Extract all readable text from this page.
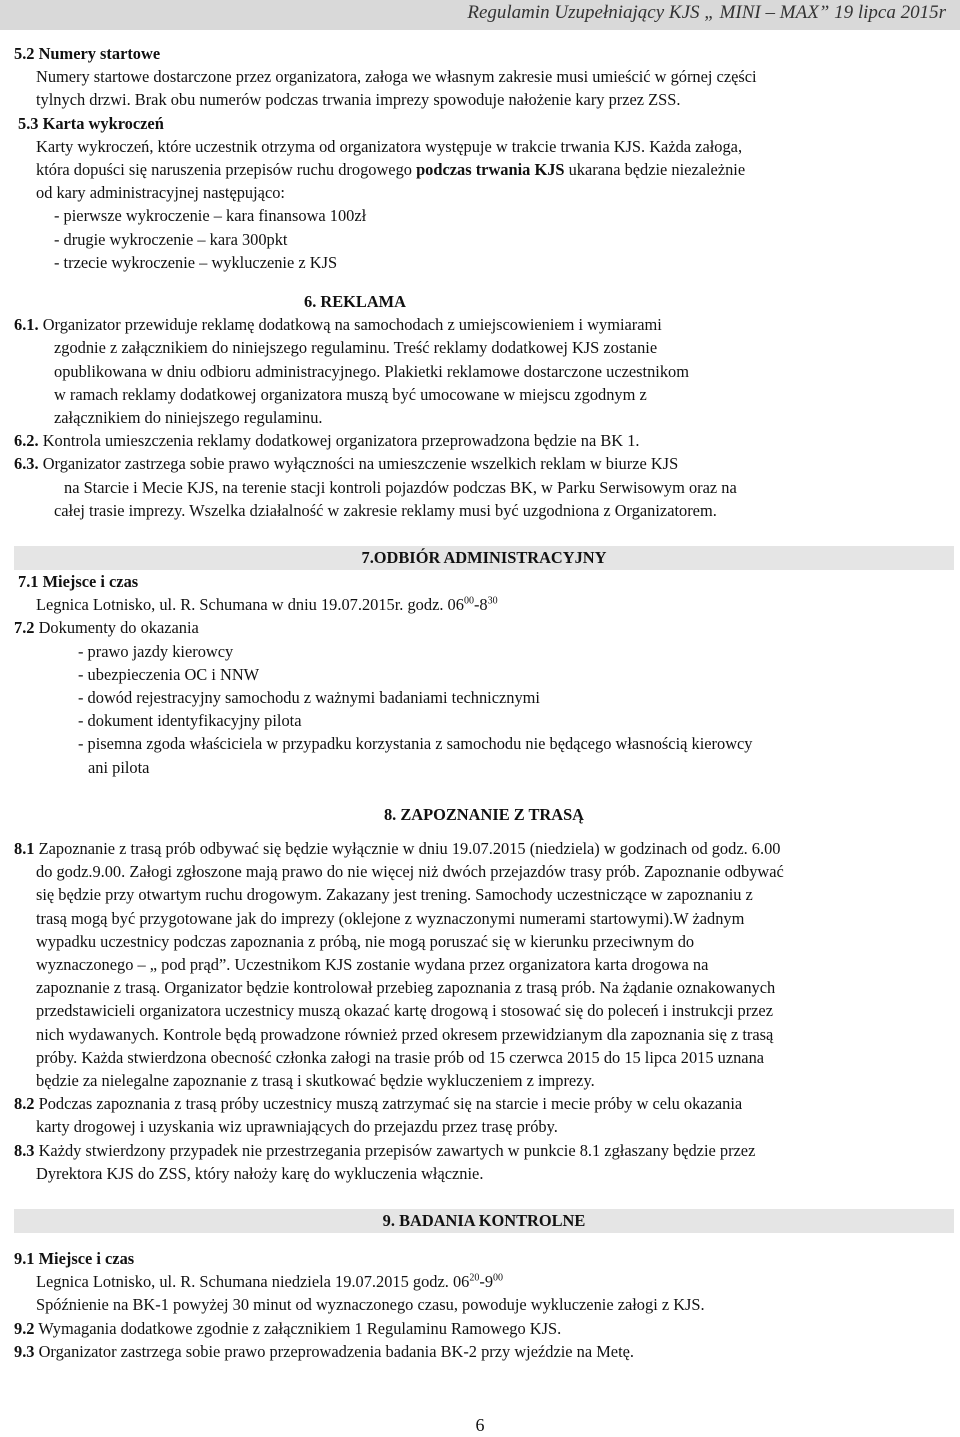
Regulamin Uzupełniający KJS „ MINI – MAX” 19 lipca 2015r

5.2 Numery startowe

Numery startowe dostarczone przez organizatora, załoga we własnym zakresie musi umieścić w górnej części

tylnych drzwi. Brak obu numerów podczas trwania imprezy spowoduje nałożenie kary przez ZSS.

5.3 Karta wykroczeń

Karty wykroczeń, które uczestnik otrzyma od organizatora występuje w trakcie trwania KJS. Każda załoga,

która dopuści się naruszenia przepisów ruchu drogowego podczas trwania KJS ukarana będzie niezależnie

od kary administracyjnej następująco:

- pierwsze wykroczenie – kara finansowa 100zł

- drugie wykroczenie – kara 300pkt

- trzecie wykroczenie – wykluczenie z KJS

6. REKLAMA

6.1. Organizator przewiduje reklamę dodatkową na samochodach z umiejscowieniem i wymiarami

zgodnie z załącznikiem do niniejszego regulaminu. Treść reklamy dodatkowej KJS zostanie

opublikowana w dniu odbioru administracyjnego. Plakietki reklamowe dostarczone uczestnikom

w ramach reklamy dodatkowej organizatora muszą być umocowane w miejscu zgodnym z

załącznikiem do niniejszego regulaminu.

6.2. Kontrola umieszczenia reklamy dodatkowej organizatora przeprowadzona będzie na BK 1.

6.3. Organizator zastrzega sobie prawo wyłączności na umieszczenie wszelkich reklam w biurze KJS

na Starcie i Mecie KJS, na terenie stacji kontroli pojazdów podczas BK, w Parku Serwisowym oraz na

całej trasie imprezy. Wszelka działalność w zakresie reklamy musi być uzgodniona z Organizatorem.

7.ODBIÓR ADMINISTRACYJNY

7.1 Miejsce i czas

Legnica Lotnisko, ul. R. Schumana w dniu 19.07.2015r. godz. $06^{00}-8^{30}$

7.2 Dokumenty do okazania

- prawo jazdy kierowcy

- ubezpieczenia OC i NNW

- dowód rejestracyjny samochodu z ważnymi badaniami technicznymi

- dokument identyfikacyjny pilota

- pisemna zgoda właściciela w przypadku korzystania z samochodu nie będącego własnością kierowcy

ani pilota

8. ZAPOZNANIE Z TRASĄ

8.1 Zapoznanie z trasą prób odbywać się będzie wyłącznie w dniu 19.07.2015 (niedziela) w godzinach od godz. 6.00

do godz.9.00. Załogi zgłoszone mają prawo do nie więcej niż dwóch przejazdów trasy prób. Zapoznanie odbywać

się będzie przy otwartym ruchu drogowym. Zakazany jest trening. Samochody uczestniczące w zapoznaniu z

trasą mogą być przygotowane jak do imprezy (oklejone z wyznaczonymi numerami startowymi).W żadnym

wypadku uczestnicy podczas zapoznania z próbą, nie mogą poruszać się w kierunku przeciwnym do

wyznaczonego – „ pod prąd”. Uczestnikom KJS zostanie wydana przez organizatora karta drogowa na

zapoznanie z trasą. Organizator będzie kontrolował przebieg zapoznania z trasą prób. Na żądanie oznakowanych

przedstawicieli organizatora uczestnicy muszą okazać kartę drogową i stosować się do poleceń i instrukcji przez

nich wydawanych. Kontrole będą prowadzone również przed okresem przewidzianym dla zapoznania się z trasą

próby. Każda stwierdzona obecność członka załogi na trasie prób od 15 czerwca 2015 do 15 lipca 2015 uznana

będzie za nielegalne zapoznanie z trasą i skutkować będzie wykluczeniem z imprezy.

8.2 Podczas zapoznania z trasą próby uczestnicy muszą zatrzymać się na starcie i mecie próby w celu okazania

karty drogowej i uzyskania wiz uprawniających do przejazdu przez trasę próby.

8.3 Każdy stwierdzony przypadek nie przestrzegania przepisów zawartych w punkcie 8.1 zgłaszany będzie przez

Dyrektora KJS do ZSS, który nałoży karę do wykluczenia włącznie.

9. BADANIA KONTROLNE

9.1 Miejsce i czas

Legnica Lotnisko, ul. R. Schumana niedziela 19.07.2015 godz. $06^{20}-9^{00}$

Spóźnienie na BK-1 powyżej 30 minut od wyznaczonego czasu, powoduje wykluczenie załogi z KJS.

9.2 Wymagania dodatkowe zgodnie z załącznikiem 1 Regulaminu Ramowego KJS.

9.3 Organizator zastrzega sobie prawo przeprowadzenia badania BK-2 przy wjeździe na Metę.

6
